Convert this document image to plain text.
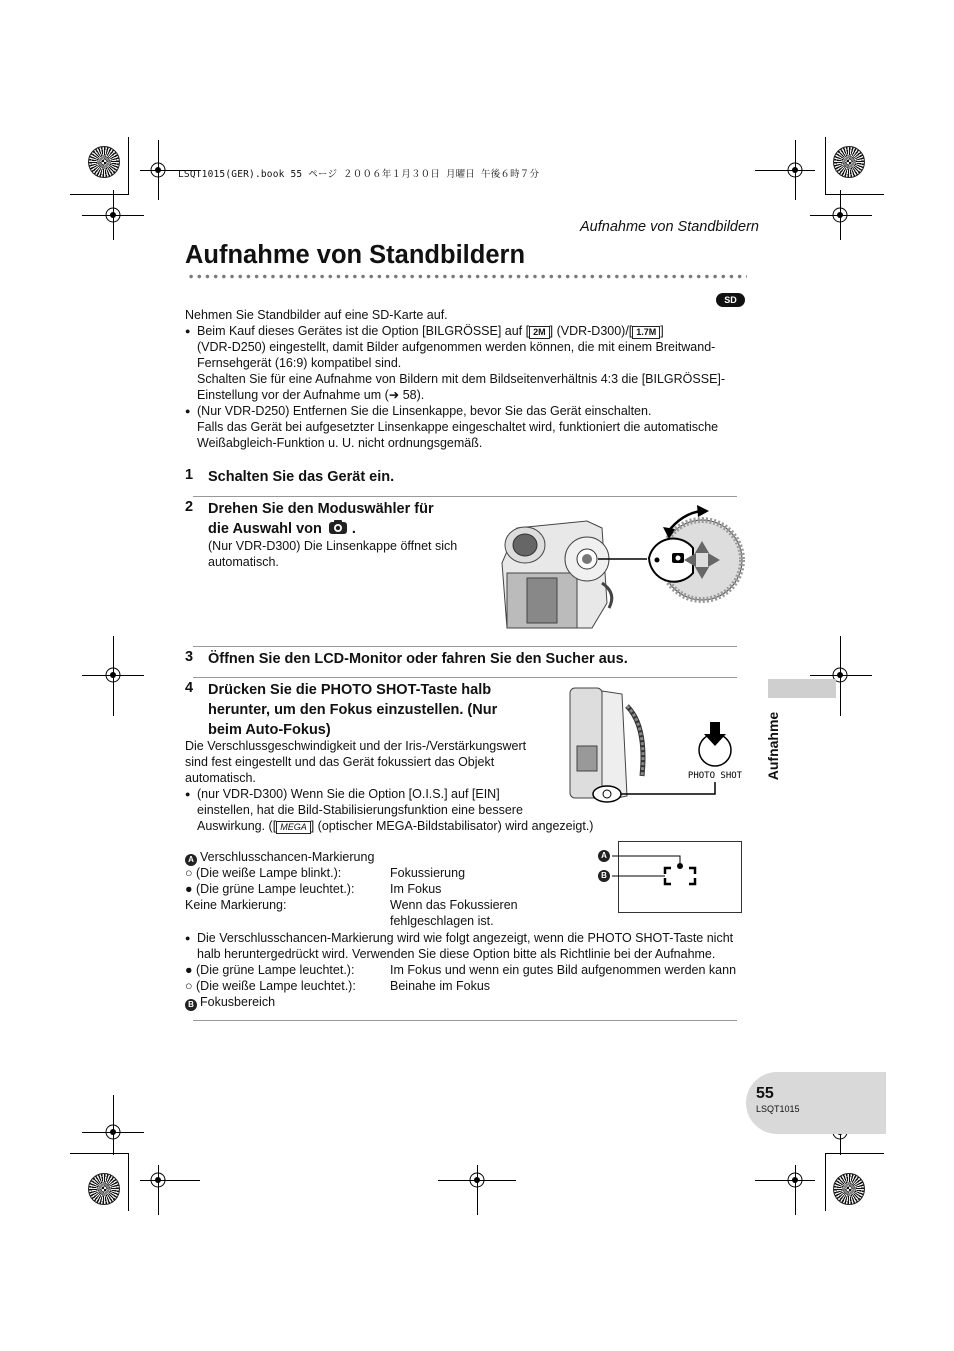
LSQT1015(GER).book 55 ページ ２００６年１月３０日 月曜日 午後６時７分
Aufnahme von Standbildern
Aufnahme von Standbildern
SD
Nehmen Sie Standbilder auf eine SD-Karte auf.
● Beim Kauf dieses Gerätes ist die Option [BILGRÖSSE] auf [ 2M ] (VDR-D300)/[ 1.7M ]
(VDR-D250) eingestellt, damit Bilder aufgenommen werden können, die mit einem Breitwand-
Fernsehgerät (16:9) kompatibel sind.
Schalten Sie für eine Aufnahme von Bildern mit dem Bildseitenverhältnis 4:3 die [BILGRÖSSE]-
Einstellung vor der Aufnahme um (➜ 58).
● (Nur VDR-D250) Entfernen Sie die Linsenkappe, bevor Sie das Gerät einschalten.
Falls das Gerät bei aufgesetzter Linsenkappe eingeschaltet wird, funktioniert die automatische
Weißabgleich-Funktion u. U. nicht ordnungsgemäß.
1 Schalten Sie das Gerät ein.
2 Drehen Sie den Moduswähler für
die Auswahl von  .
(Nur VDR-D300) Die Linsenkappe öffnet sich
automatisch.
3 Öffnen Sie den LCD-Monitor oder fahren Sie den Sucher aus.
4 Drücken Sie die PHOTO SHOT-Taste halb
herunter, um den Fokus einzustellen. (Nur
beim Auto-Fokus)
Die Verschlussgeschwindigkeit und der Iris-/Verstärkungswert
sind fest eingestellt und das Gerät fokussiert das Objekt
automatisch.
● (nur VDR-D300) Wenn Sie die Option [O.I.S.] auf [EIN]
einstellen, hat die Bild-Stabilisierungsfunktion eine bessere
Auswirkung. ([ MEGA ] (optischer MEGA-Bildstabilisator) wird angezeigt.)
PHOTO SHOT Aufnahme
A Verschlusschancen-Markierung
○ (Die weiße Lampe blinkt.):	Fokussierung
● (Die grüne Lampe leuchtet.):	Im Fokus
Keine Markierung:	Wenn das Fokussieren
fehlgeschlagen ist.
● Die Verschlusschancen-Markierung wird wie folgt angezeigt, wenn die PHOTO SHOT-Taste nicht
halb heruntergedrückt wird. Verwenden Sie diese Option bitte als Richtlinie bei der Aufnahme.
● (Die grüne Lampe leuchtet.):	Im Fokus und wenn ein gutes Bild aufgenommen werden kann
○ (Die weiße Lampe leuchtet.):	Beinahe im Fokus
B Fokusbereich
A
B
55
LSQT1015
